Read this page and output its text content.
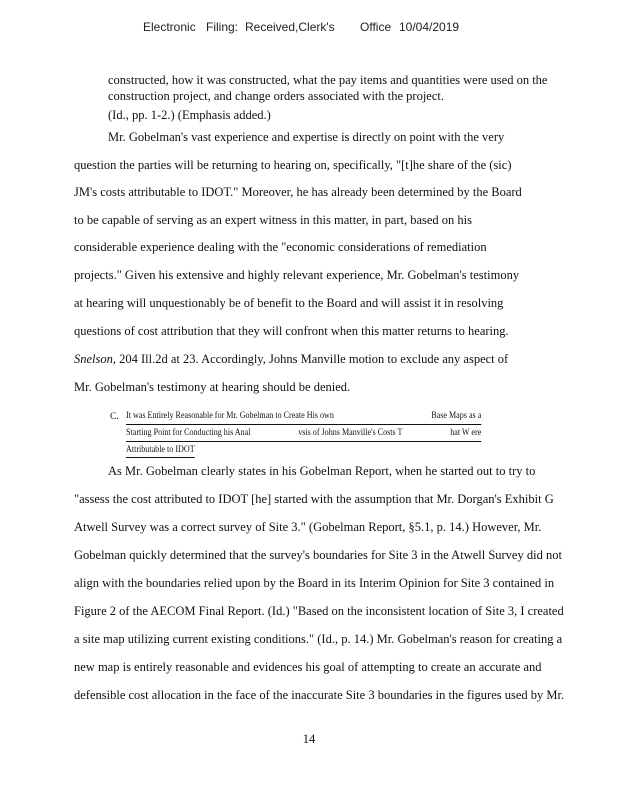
Electronic Filing: Received,Clerk's Office 10/04/2019
constructed, how it was constructed, what the pay items and quantities were used on the construction project, and change orders associated with the project.
(Id., pp. 1-2.) (Emphasis added.)
Mr. Gobelman's vast experience and expertise is directly on point with the very
question the parties will be returning to hearing on, specifically, "[t]he share of the (sic)
JM's costs attributable to IDOT." Moreover, he has already been determined by the Board
to be capable of serving as an expert witness in this matter, in part, based on his
considerable experience dealing with the "economic considerations of remediation
projects." Given his extensive and highly relevant experience, Mr. Gobelman's testimony
at hearing will unquestionably be of benefit to the Board and will assist it in resolving
questions of cost attribution that they will confront when this matter returns to hearing.
Snelson, 204 Ill.2d at 23. Accordingly, Johns Manville motion to exclude any aspect of
Mr. Gobelman's testimony at hearing should be denied.
C. It was Entirely Reasonable for Mr. Gobelman to Create His own	Base Maps as a
Starting Point for Conducting his Anal	vsis of Johns Manville's Costs T	hat W ere
Attributable to IDOT
As Mr. Gobelman clearly states in his Gobelman Report, when he started out to try to
"assess the cost attributed to IDOT [he] started with the assumption that Mr. Dorgan's Exhibit G
Atwell Survey was a correct survey of Site 3." (Gobelman Report, §5.1, p. 14.) However, Mr.
Gobelman quickly determined that the survey's boundaries for Site 3 in the Atwell Survey did not
align with the boundaries relied upon by the Board in its Interim Opinion for Site 3 contained in
Figure 2 of the AECOM Final Report. (Id.) "Based on the inconsistent location of Site 3, I created
a site map utilizing current existing conditions." (Id., p. 14.) Mr. Gobelman's reason for creating a
new map is entirely reasonable and evidences his goal of attempting to create an accurate and
defensible cost allocation in the face of the inaccurate Site 3 boundaries in the figures used by Mr.
14
